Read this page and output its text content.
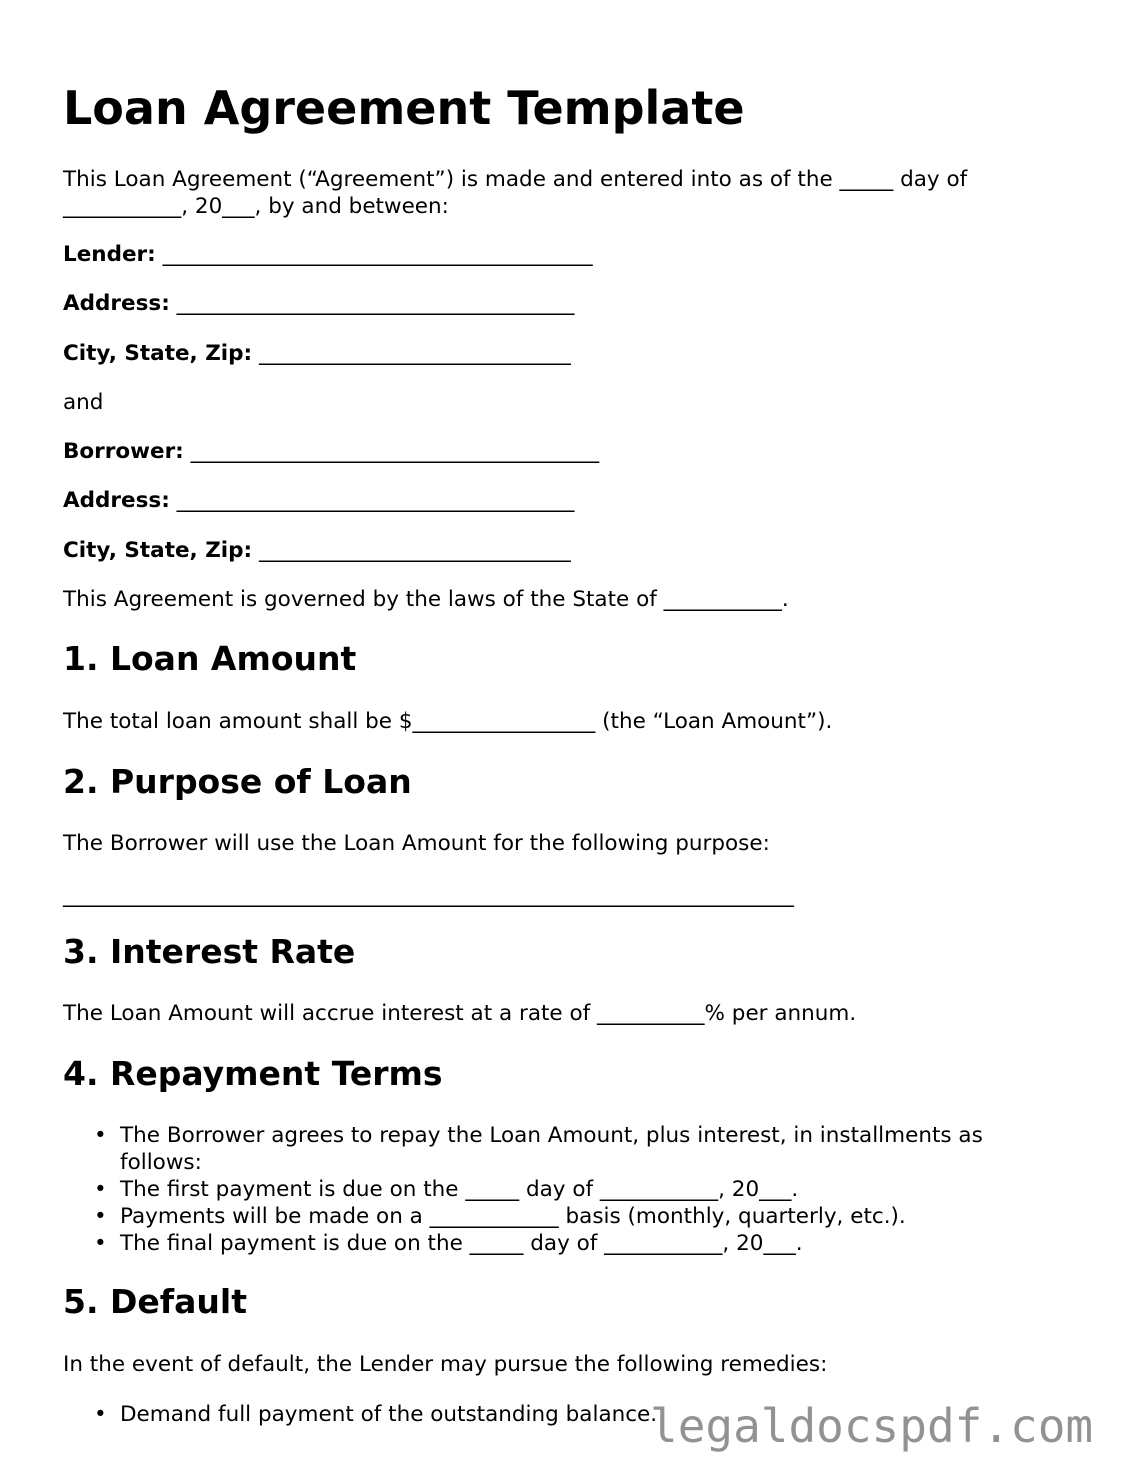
Loan Agreement Template

This Loan Agreement (“Agreement”) is made and entered into as of the _____ day of ___________, 20___, by and between:

Lender: ________________________________________

Address: _____________________________________

City, State, Zip: _____________________________

and

Borrower: ______________________________________

Address: _____________________________________

City, State, Zip: _____________________________

This Agreement is governed by the laws of the State of ___________.

1. Loan Amount

The total loan amount shall be $_________________ (the “Loan Amount”).

2. Purpose of Loan

The Borrower will use the Loan Amount for the following purpose:

____________________________________________________________________

3. Interest Rate

The Loan Amount will accrue interest at a rate of __________% per annum.

4. Repayment Terms
• The Borrower agrees to repay the Loan Amount, plus interest, in installments as follows:
• The first payment is due on the _____ day of ___________, 20___.
• Payments will be made on a ____________ basis (monthly, quarterly, etc.).
• The final payment is due on the _____ day of ___________, 20___.
5. Default

In the event of default, the Lender may pursue the following remedies:

• Demand full payment of the outstanding balance.
legaldocspdf.com
